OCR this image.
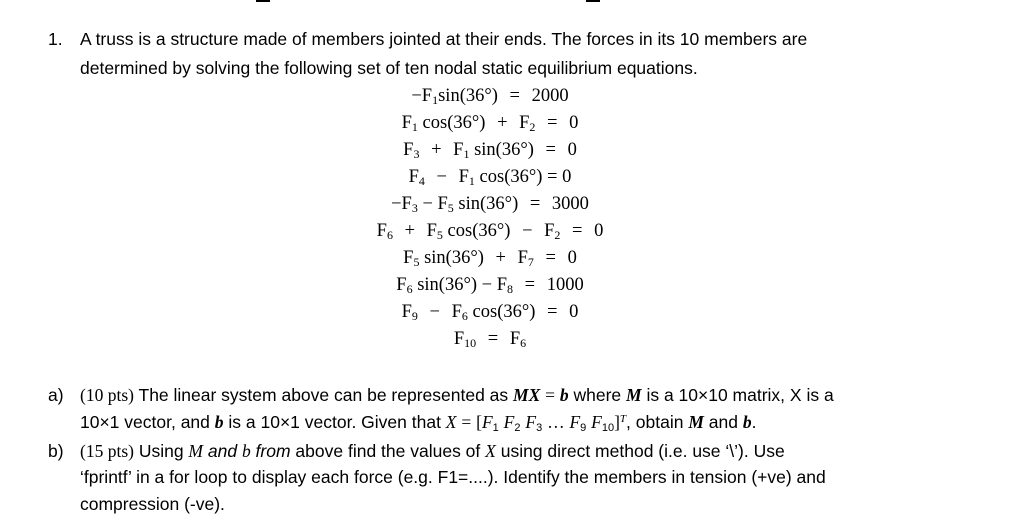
1. A truss is a structure made of members jointed at their ends. The forces in its 10 members are
determined by solving the following set of ten nodal static equilibrium equations.
$-F_1\sin(36^\circ) = 2000$
$F_1$ $\cos(36^\circ) + F_2 = 0$
$F_3 + F_1$ sin(36°) = 0
$F_4 - F_1$ cos(36°) = 0
$-F_3 - F_5$ sin(36°) = 3000
$F_6 + F_5$ $\cos(36^\circ) - F_2 = 0$
$F_5$ $\sin(36^\circ) + F_7 = 0$
$F_6$ $\sin(36^\circ) - F_8 = 1000$
$F_9 - F_6$ cos(36°) = 0
$F_{10} = F_6$
a) (10 pts) The linear system above can be represented as MX = b where M is a 10×10 matrix, X is a
10×1 vector, and b is a 10×1 vector. Given that $X = [F_1$ $F_2$ $F_3$ … $F_9$ $F_{10}]^T$, obtain M and b.
b) (15 pts) Using M and b from above find the values of X using direct method (i.e. use ‘\’). Use
‘fprintf’ in a for loop to display each force (e.g. F1=....). Identify the members in tension (+ve) and
compression (-ve).
